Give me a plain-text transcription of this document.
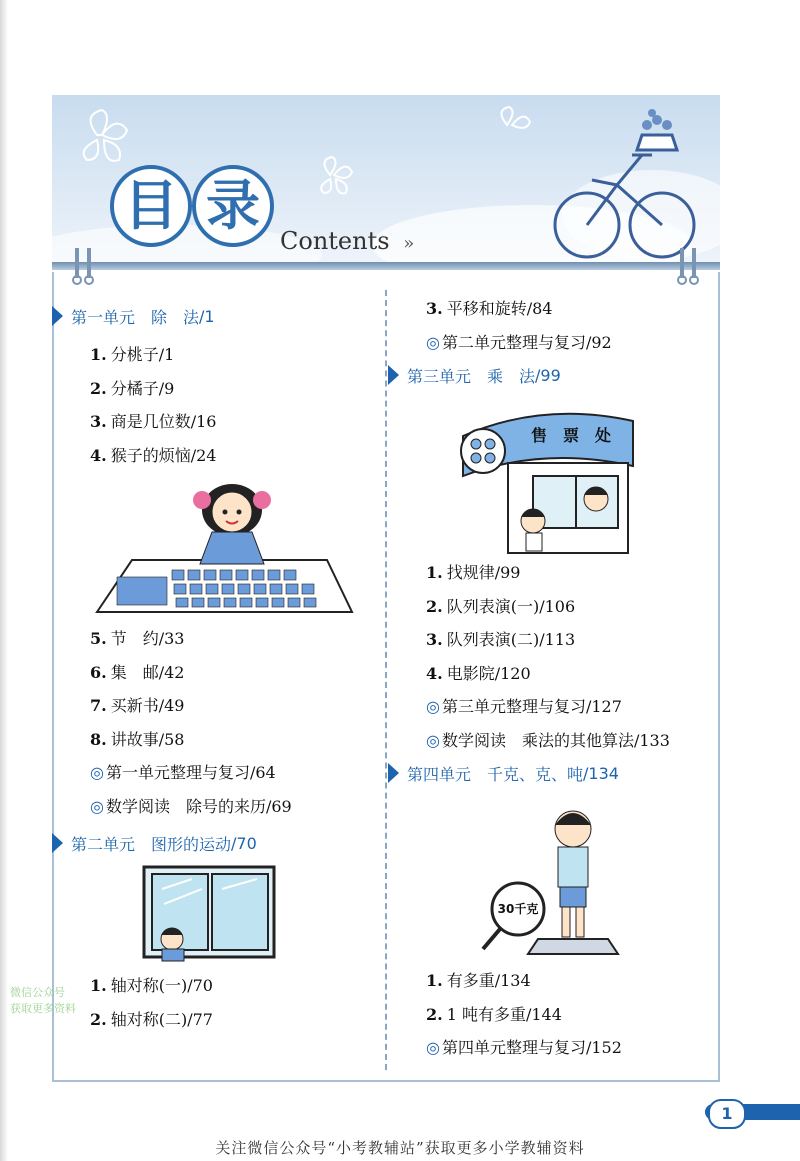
目 录
Contents »
第一单元　除　法 /1
1. 分桃子/1
2. 分橘子/9
3. 商是几位数/16
4. 猴子的烦恼/24
5. 节　约/33
6. 集　邮/42
7. 买新书/49
8. 讲故事/58
◎ 第一单元整理与复习/64
◎ 数学阅读　除号的来历/69
第二单元　图形的运动 /70
1. 轴对称(一)/70
2. 轴对称(二)/77
3. 平移和旋转/84
◎ 第二单元整理与复习/92
第三单元　乘　法 /99
售　票　处
1. 找规律/99
2. 队列表演(一)/106
3. 队列表演(二)/113
4. 电影院/120
◎ 第三单元整理与复习/127
◎ 数学阅读　乘法的其他算法/133
第四单元　千克、克、吨 /134
30千克
1. 有多重/134
2. 1 吨有多重/144
◎ 第四单元整理与复习/152
微信公众号
获取更多资料
1
关注微信公众号“小考教辅站”获取更多小学教辅资料
